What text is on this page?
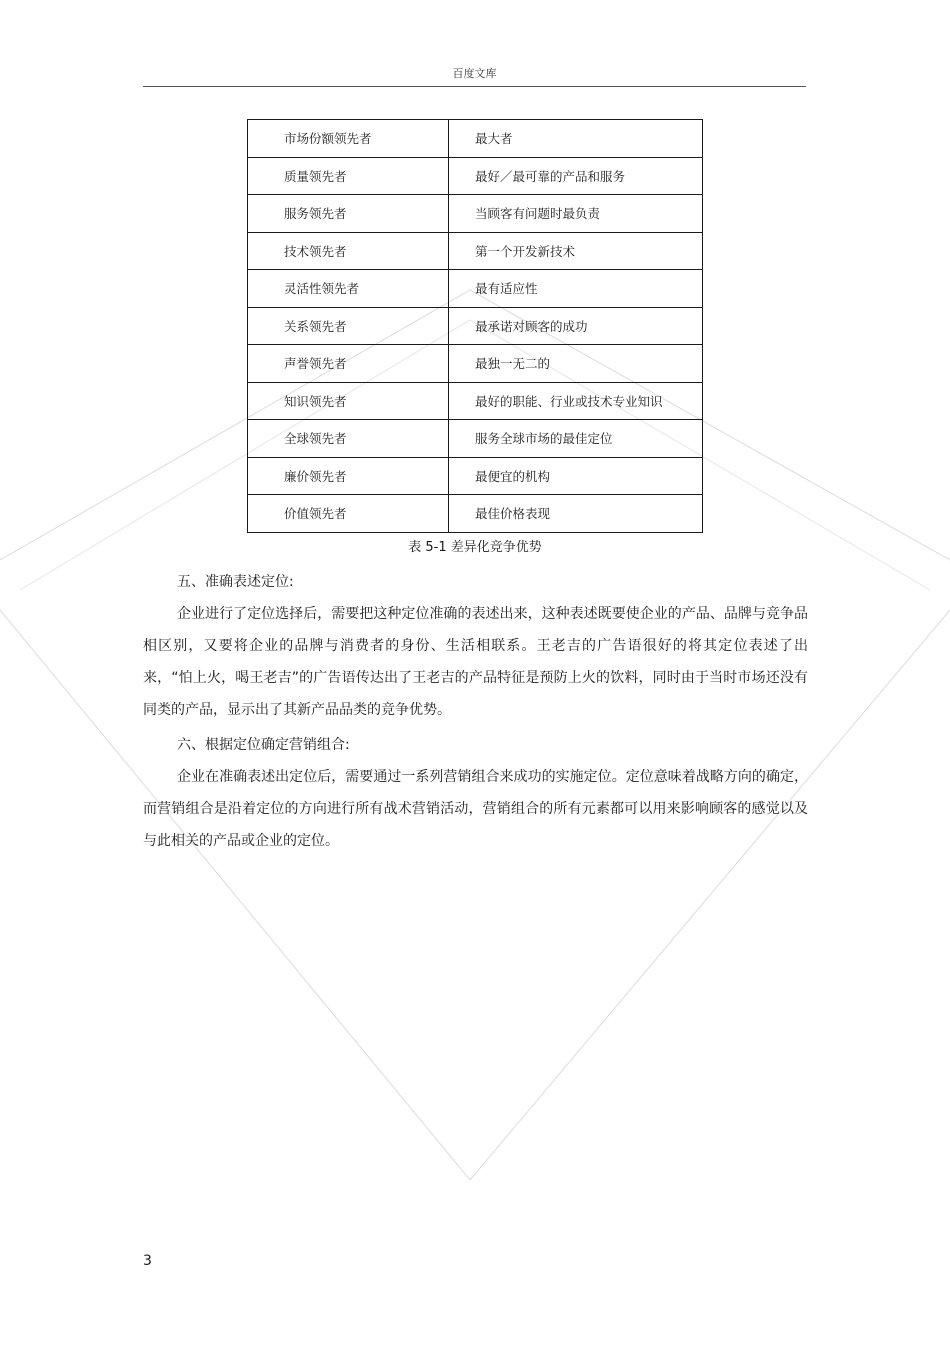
百度文库
市场份额领先者	最大者
质量领先者	最好／最可靠的产品和服务
服务领先者	当顾客有问题时最负责
技术领先者	第一个开发新技术
灵活性领先者	最有适应性
关系领先者	最承诺对顾客的成功
声誉领先者	最独一无二的
知识领先者	最好的职能、行业或技术专业知识
全球领先者	服务全球市场的最佳定位
廉价领先者	最便宜的机构
价值领先者	最佳价格表现
表 5-1 差异化竞争优势
五、准确表述定位:
企业进行了定位选择后，需要把这种定位准确的表述出来，这种表述既要使企业的产品、品牌与竞争品相区别，又要将企业的品牌与消费者的身份、生活相联系。王老吉的广告语很好的将其定位表述了出来，“怕上火，喝王老吉”的广告语传达出了王老吉的产品特征是预防上火的饮料，同时由于当时市场还没有同类的产品，显示出了其新产品品类的竞争优势。
六、根据定位确定营销组合:
企业在准确表述出定位后，需要通过一系列营销组合来成功的实施定位。定位意味着战略方向的确定，而营销组合是沿着定位的方向进行所有战术营销活动，营销组合的所有元素都可以用来影响顾客的感觉以及与此相关的产品或企业的定位。
3
